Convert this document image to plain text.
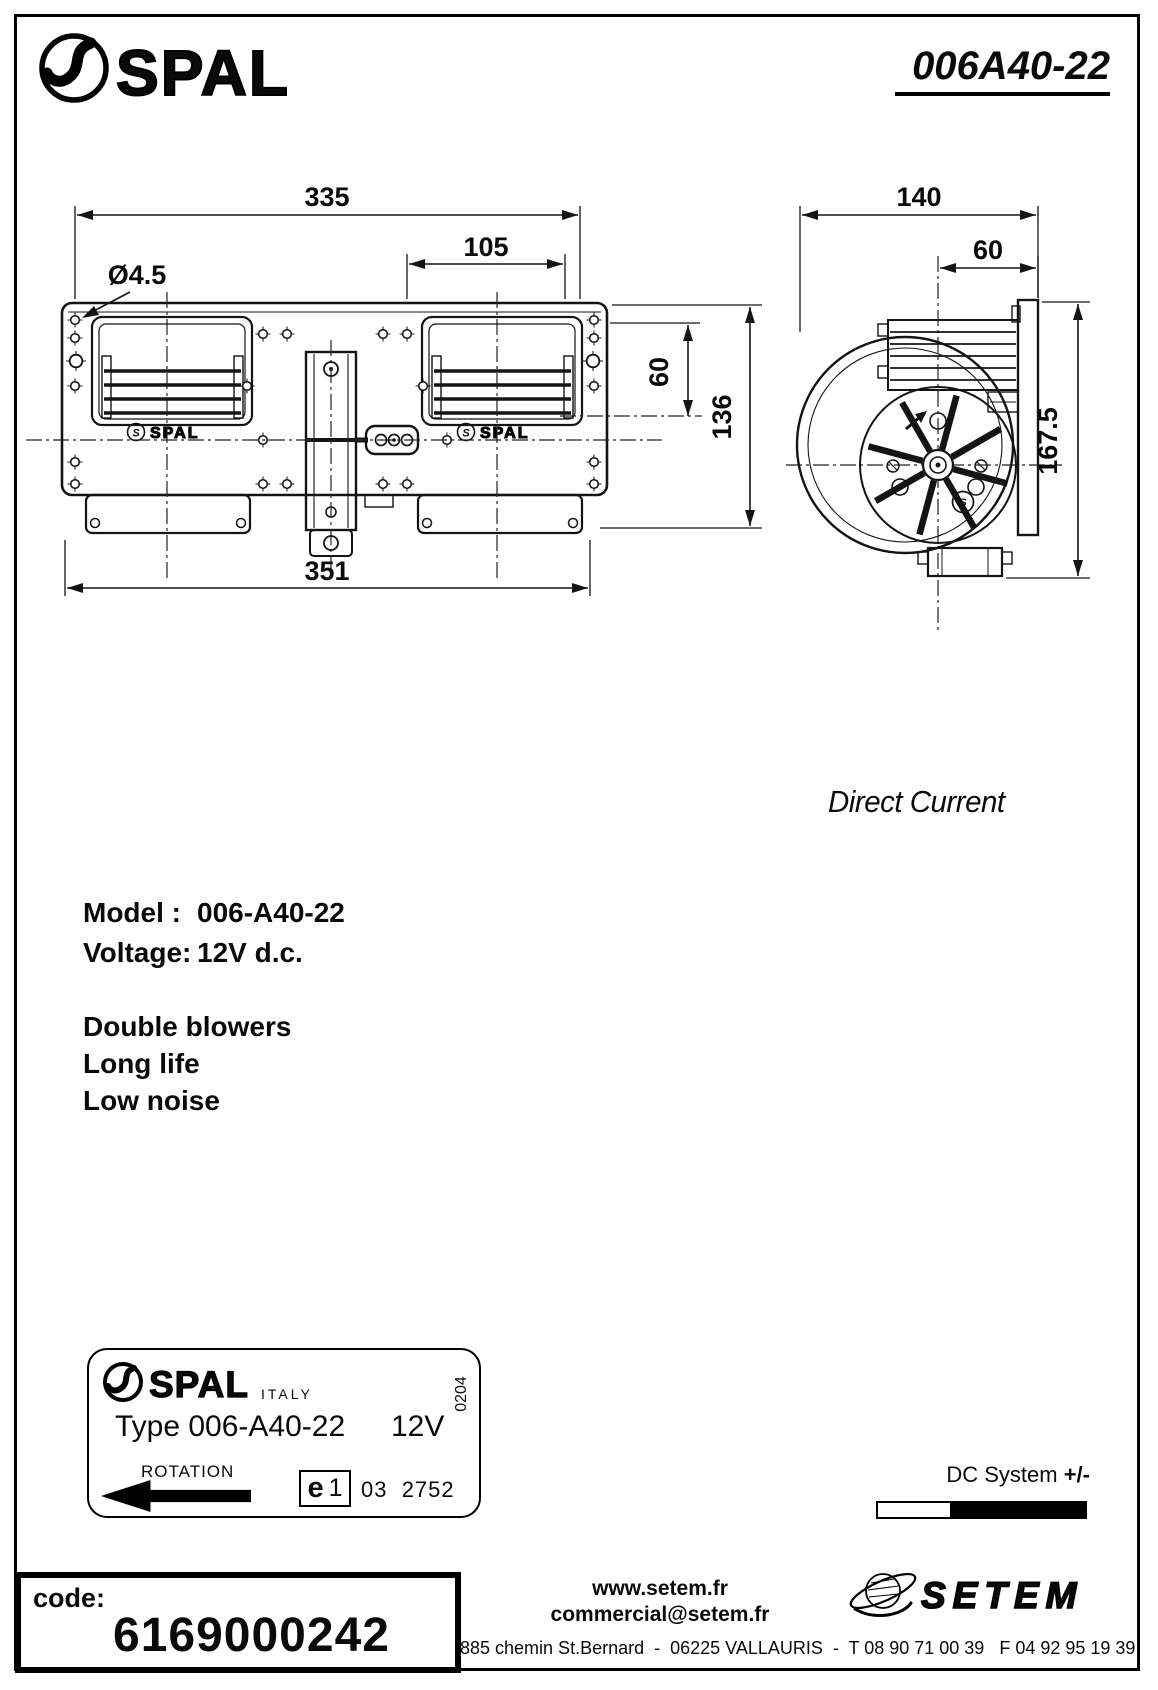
SPAL	006A40-22
S SPAL	S SPAL
S
335
105
Ø4.5
351
60
136
140
60
167.5
Direct Current
Model : 006-A40-22
Voltage: 12V d.c.
Double blowers
Long life
Low noise
SPAL ITALY	0204
Type 006-A40-22 12V
ROTATION
e 1 03  2752
DC System +/-
code:
6169000242
www.setem.fr
commercial@setem.fr
885 chemin St.Bernard  -  06225 VALLAURIS  -  T 08 90 71 00 39   F 04 92 95 19 39
SETEM
